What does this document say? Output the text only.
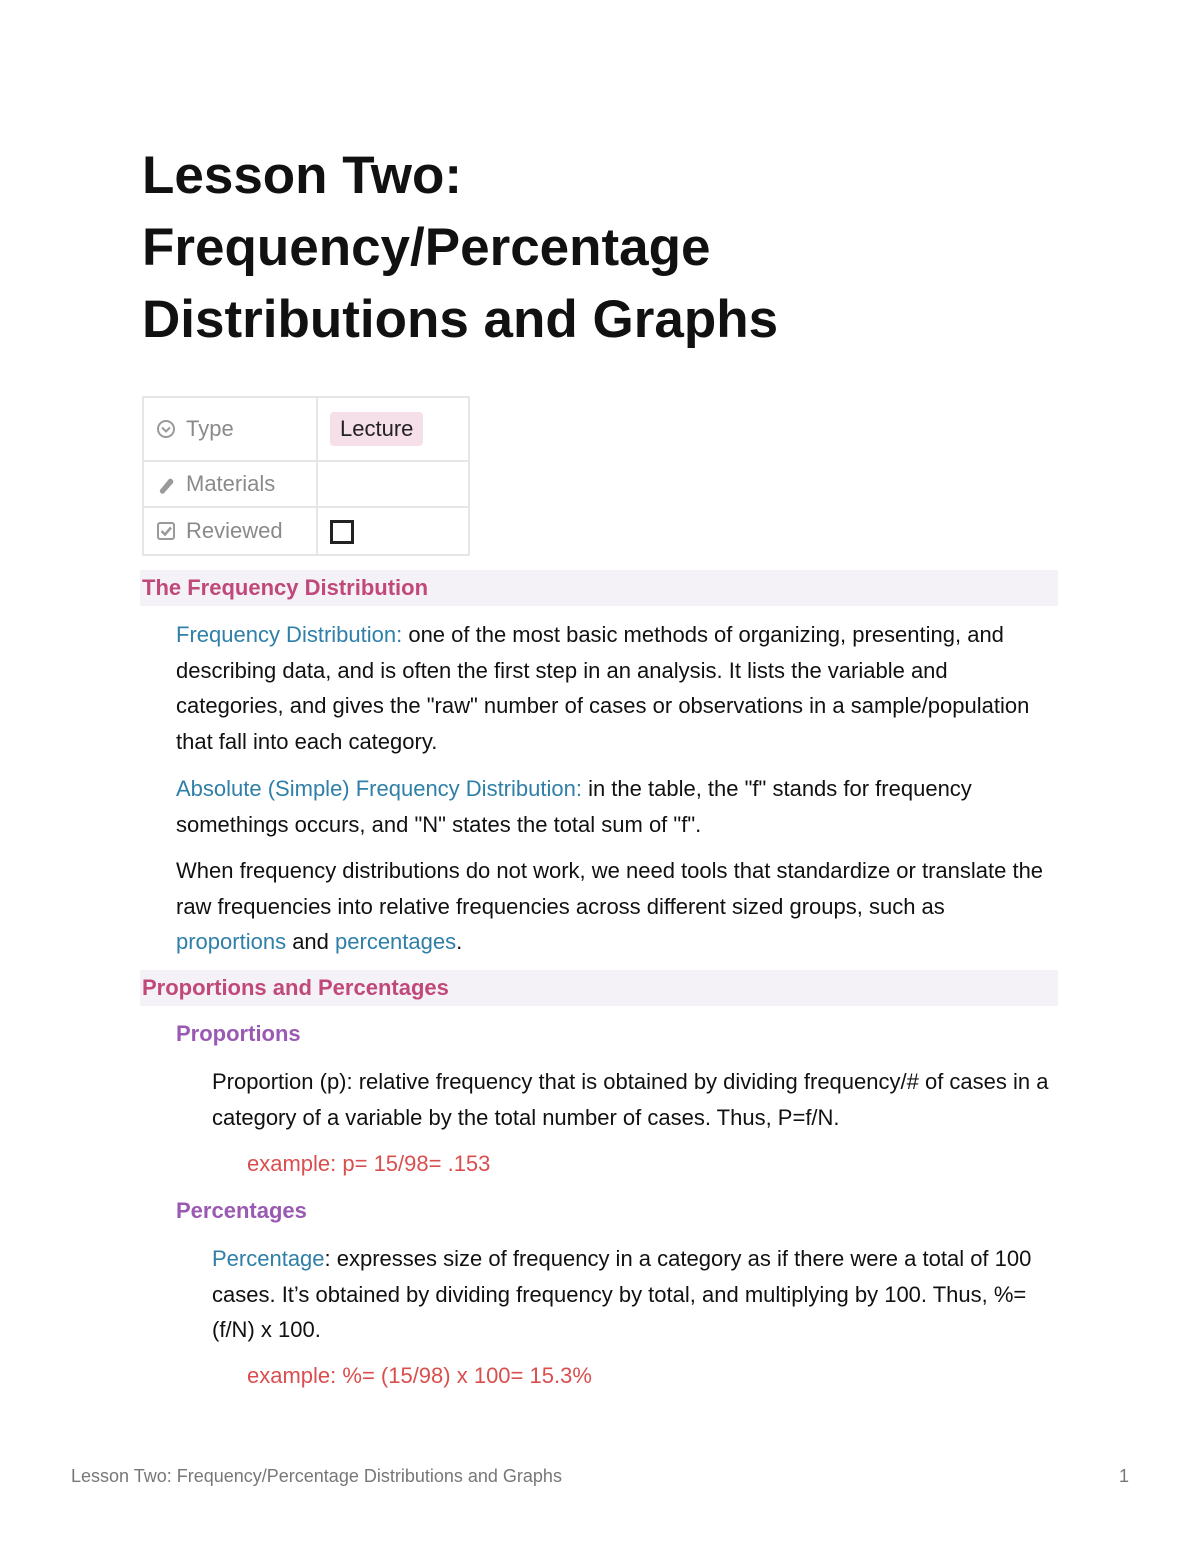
Lesson Two:
Frequency/Percentage
Distributions and Graphs
Type	Lecture

Materials	

Reviewed	

The Frequency Distribution

Frequency Distribution: one of the most basic methods of organizing, presenting, and describing data, and is often the first step in an analysis. It lists the variable and categories, and gives the "raw" number of cases or observations in a sample/population that fall into each category.

Absolute (Simple) Frequency Distribution: in the table, the "f" stands for frequency somethings occurs, and "N" states the total sum of "f".

When frequency distributions do not work, we need tools that standardize or translate the raw frequencies into relative frequencies across different sized groups, such as proportions and percentages.

Proportions and Percentages
Proportions

Proportion (p): relative frequency that is obtained by dividing frequency/# of cases in a category of a variable by the total number of cases. Thus, P=f/N.

example: p= 15/98= .153

Percentages

Percentage: expresses size of frequency in a category as if there were a total of 100 cases. It’s obtained by dividing frequency by total, and multiplying by 100. Thus, %= (f/N) x 100.

example: %= (15/98) x 100= 15.3%

Lesson Two: Frequency/Percentage Distributions and Graphs	1
